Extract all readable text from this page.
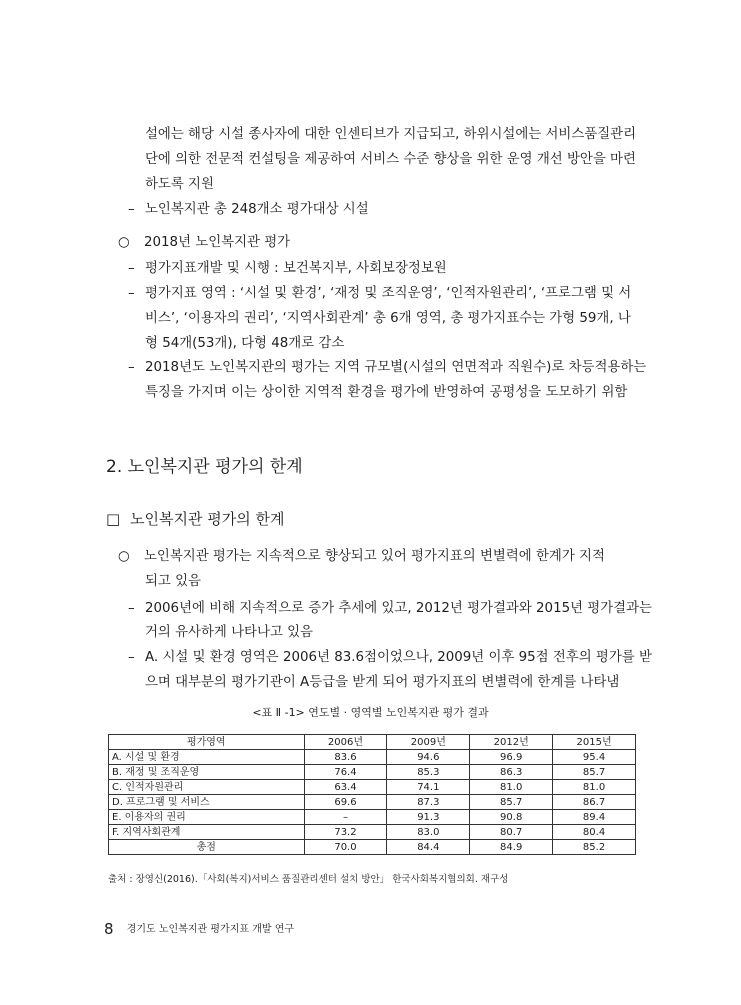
설에는 해당 시설 종사자에 대한 인센티브가 지급되고, 하위시설에는 서비스품질관리
단에 의한 전문적 컨설팅을 제공하여 서비스 수준 향상을 위한 운영 개선 방안을 마련
하도록 지원
– 노인복지관 총 248개소 평가대상 시설
○ 2018년 노인복지관 평가
– 평가지표개발 및 시행 : 보건복지부, 사회보장정보원
– 평가지표 영역 : ‘시설 및 환경’, ‘재정 및 조직운영’, ‘인적자원관리’, ‘프로그램 및 서
비스’, ‘이용자의 권리’, ‘지역사회관계’ 총 6개 영역, 총 평가지표수는 가형 59개, 나
형 54개(53개), 다형 48개로 감소
– 2018년도 노인복지관의 평가는 지역 규모별(시설의 연면적과 직원수)로 차등적용하는
특징을 가지며 이는 상이한 지역적 환경을 평가에 반영하여 공평성을 도모하기 위함
2. 노인복지관 평가의 한계
□ 노인복지관 평가의 한계
○ 노인복지관 평가는 지속적으로 향상되고 있어 평가지표의 변별력에 한계가 지적
되고 있음
– 2006년에 비해 지속적으로 증가 추세에 있고, 2012년 평가결과와 2015년 평가결과는
거의 유사하게 나타나고 있음
– A. 시설 및 환경 영역은 2006년 83.6점이었으나, 2009년 이후 95점 전후의 평가를 받
으며 대부분의 평가기관이 A등급을 받게 되어 평가지표의 변별력에 한계를 나타냄
<표 Ⅱ -1> 연도별 · 영역별 노인복지관 평가 결과
평가영역	2006년	2009년	2012년	2015년
A. 시설 및 환경	83.6	94.6	96.9	95.4
B. 재정 및 조직운영	76.4	85.3	86.3	85.7
C. 인적자원관리	63.4	74.1	81.0	81.0
D. 프로그램 및 서비스	69.6	87.3	85.7	86.7
E. 이용자의 권리	–	91.3	90.8	89.4
F. 지역사회관계	73.2	83.0	80.7	80.4
총점	70.0	84.4	84.9	85.2
출처 : 장영신(2016).「사회(복지)서비스 품질관리센터 설치 방안」 한국사회복지협의회. 재구성
8 경기도 노인복지관 평가지표 개발 연구
